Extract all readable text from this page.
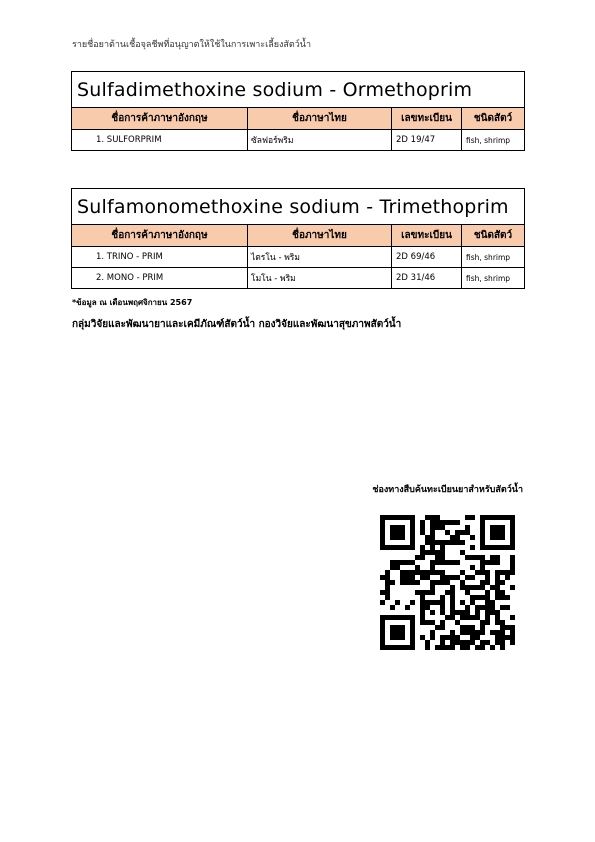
รายชื่อยาต้านเชื้อจุลชีพที่อนุญาตให้ใช้ในการเพาะเลี้ยงสัตว์น้ำ
Sulfadimethoxine sodium - Ormethoprim			
ชื่อการค้าภาษาอังกฤษ	ชื่อภาษาไทย	เลขทะเบียน	ชนิดสัตว์
1. SULFORPRIM	ซัลฟอร์พริม	2D 19/47	fish, shrimp
Sulfamonomethoxine sodium - Trimethoprim			
ชื่อการค้าภาษาอังกฤษ	ชื่อภาษาไทย	เลขทะเบียน	ชนิดสัตว์
1. TRINO - PRIM	ไตรโน - พริม	2D 69/46	fish, shrimp
2. MONO - PRIM	โมโน - พริม	2D 31/46	fish, shrimp
*ข้อมูล ณ เดือนพฤศจิกายน 2567
กลุ่มวิจัยและพัฒนายาและเคมีภัณฑ์สัตว์น้ำ กองวิจัยและพัฒนาสุขภาพสัตว์น้ำ
ช่องทางสืบค้นทะเบียนยาสำหรับสัตว์น้ำ
